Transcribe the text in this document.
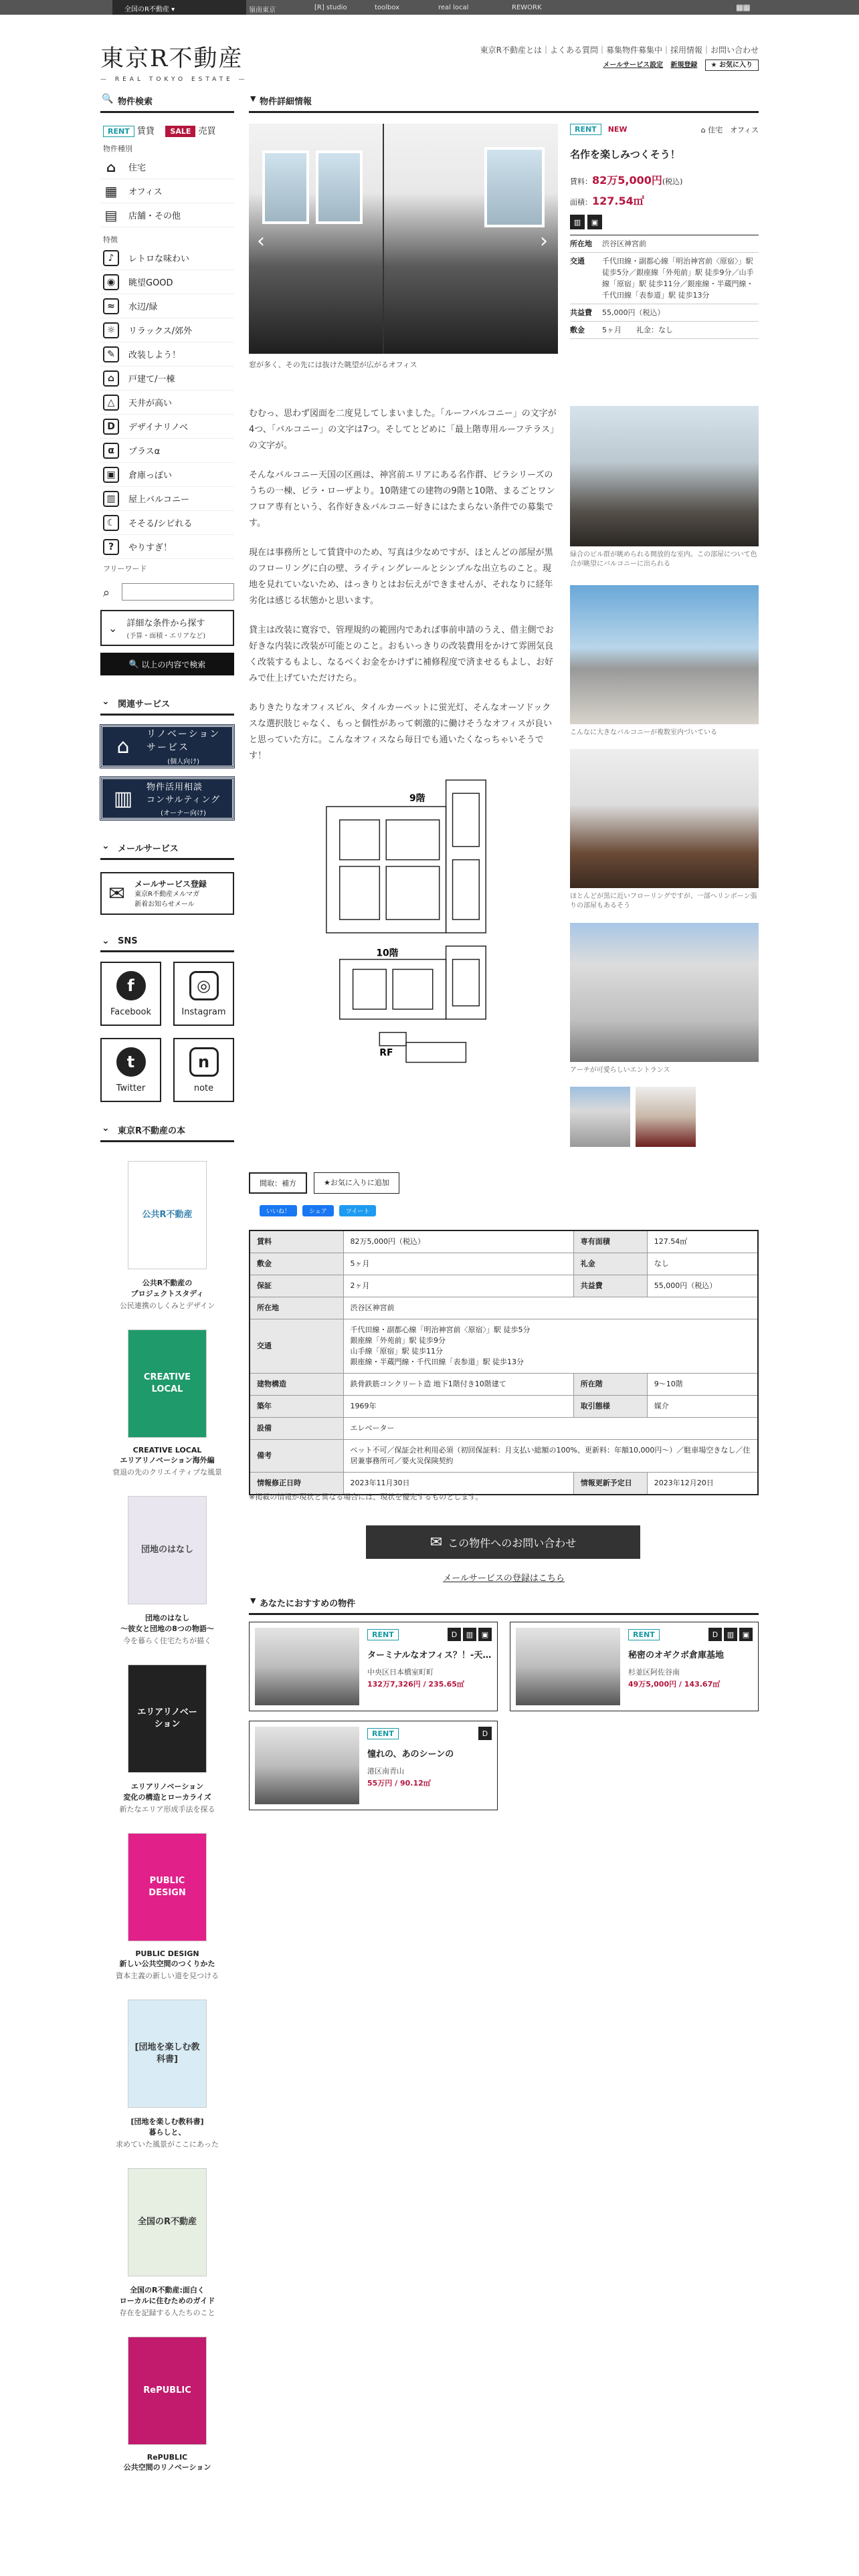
全国のR不動産 ▾	嶺南東京	[R] studio	toolbox	real local	REWORK	▦▦
東京R不動産
— REAL TOKYO ESTATE —
東京R不動産とは｜よくある質問｜募集物件募集中｜採用情報｜お問い合わせ
メールサービス設定 新規登録 ★ お気に入り
🔍 物件検索
RENT 賃貸 SALE 売買
物件種別
⌂	住宅
▦ オフィス
▤ 店舗・その他
特徴
♪	レトロな味わい
◉	眺望GOOD
≈	水辺/緑
☼	リラックス/郊外
✎	改装しよう！
⌂	戸建て/一棟
△	天井が高い
D	デザイナリノベ
α	プラスα
▣	倉庫っぽい
▥	屋上バルコニー
☾	そそる/シビれる
?	やりすぎ！
フリーワード
⌕
⌄ 詳細な条件から探す
(予算・面積・エリアなど)
🔍 以上の内容で検索
⌄ 関連サービス
⌂
リノベーション
サービス
(個人向け)
▥	物件活用相談
コンサルティング
(オーナー向け)
⌄ メールサービス
✉ メールサービス登録
東京R不動産メルマガ
新着お知らせメール
⌄ SNS
f
Facebook
◎
Instagram
t
Twitter
n
note
⌄ 東京R不動産の本
公共R不動産
公共R不動産の
プロジェクトスタディ
公民連携のしくみとデザイン
CREATIVE LOCAL
CREATIVE LOCAL
エリアリノベーション海外編
衰退の先のクリエイティブな風景
団地のはなし
団地のはなし
～彼女と団地の8つの物語～
今を暮らく住宅たちが描く
エリアリノベーション
エリアリノベーション
変化の構造とローカライズ
新たなエリア形成手法を探る
PUBLIC DESIGN
PUBLIC DESIGN
新しい公共空間のつくりかた
資本主義の新しい道を見つける
[団地を楽しむ教科書]
[団地を楽しむ教科書]
暮らしと、
求めていた風景がここにあった
全国のR不動産
全国のR不動産:面白く
ローカルに住むためのガイド
存在を記録する人たちのこと
RePUBLIC
RePUBLIC
公共空間のリノベーション
▼ 物件詳細情報
‹	›
窓が多く、その先には抜けた眺望が広がるオフィス
RENT	NEW	⌂ 住宅　オフィス
名作を楽しみつくそう！
賃料：82万5,000円(税込)
面積：127.54㎡
▥	▣
所在地	渋谷区神宮前
交通	千代田線・副都心線「明治神宮前〈原宿〉」駅 徒歩5分／銀座線「外苑前」駅 徒歩9分／山手線「原宿」駅 徒歩11分／銀座線・半蔵門線・千代田線「表参道」駅 徒歩13分
共益費	55,000円（税込）
敷金	5ヶ月　　礼金：なし

むむっ、思わず図面を二度見してしまいました。「ルーフバルコニー」の文字が4つ、「バルコニー」の文字は7つ。そしてとどめに「最上階専用ルーフテラス」の文字が。

そんなバルコニー天国の区画は、神宮前エリアにある名作群、ビラシリーズのうちの一棟、ビラ・ローザより。10階建ての建物の9階と10階、まるごとワンフロア専有という、名作好き＆バルコニー好きにはたまらない条件での募集です。

現在は事務所として賃貸中のため、写真は少なめですが、ほとんどの部屋が黒のフローリングに白の壁、ライティングレールとシンプルな出立ちのこと。現地を見れていないため、はっきりとはお伝えができませんが、それなりに経年劣化は感じる状態かと思います。

貸主は改装に寛容で、管理規約の範囲内であれば事前申請のうえ、借主側でお好きな内装に改装が可能とのこと。おもいっきりの改装費用をかけて雰囲気良く改装するもよし、なるべくお金をかけずに補修程度で済ませるもよし、お好みで仕上げていただけたら。

ありきたりなオフィスビル、タイルカーペットに蛍光灯、そんなオーソドックスな選択肢じゃなく、もっと個性があって刺激的に働けそうなオフィスが良いと思っていた方に。こんなオフィスなら毎日でも通いたくなっちゃいそうです！

緑合のビル群が眺められる開放的な室内。この部屋について色合が眺望にバルコニーに出られる
こんなに大きなバルコニーが複数室内づいている
ほとんどが黒に近いフローリングですが、一部ヘリンボーン張りの部屋もあるそう
アーチが可愛らしいエントランス
9階
10階
RF
間取：補方	★お気に入りに追加
いいね！	シェア	ツイート
賃料	82万5,000円（税込）	専有面積	127.54㎡
敷金	5ヶ月	礼金	なし
保証	2ヶ月	共益費	55,000円（税込）
所在地	渋谷区神宮前		
交通	千代田線・副都心線「明治神宮前〈原宿〉」駅 徒歩5分
銀座線「外苑前」駅 徒歩9分
山手線「原宿」駅 徒歩11分
銀座線・半蔵門線・千代田線「表参道」駅 徒歩13分		
建物構造	鉄骨鉄筋コンクリート造 地下1階付き10階建て	所在階	9〜10階
築年	1969年	取引態様	媒介
設備	エレベーター		
備考	ペット不可／保証会社利用必須（初回保証料：月支払い総額の100%、更新料：年額10,000円〜）／駐車場空きなし／住居兼事務所可／要火災保険契約		
情報修正日時	2023年11月30日	情報更新予定日	2023年12月20日
※掲載の情報が現状と異なる場合には、現状を優先するものとします。
✉ この物件へのお問い合わせ
メールサービスの登録はこちら
▼ あなたにおすすめの物件
RENT	D	▥	▣
ターミナルなオフィス？！-天…
中央区日本橋室町町
132万7,326円 / 235.65㎡
RENT	D	▥	▣
秘密のオギクボ倉庫基地
杉並区阿佐谷南
49万5,000円 / 143.67㎡
RENT	D
憧れの、あのシーンの
港区南青山
55万円 / 90.12㎡
